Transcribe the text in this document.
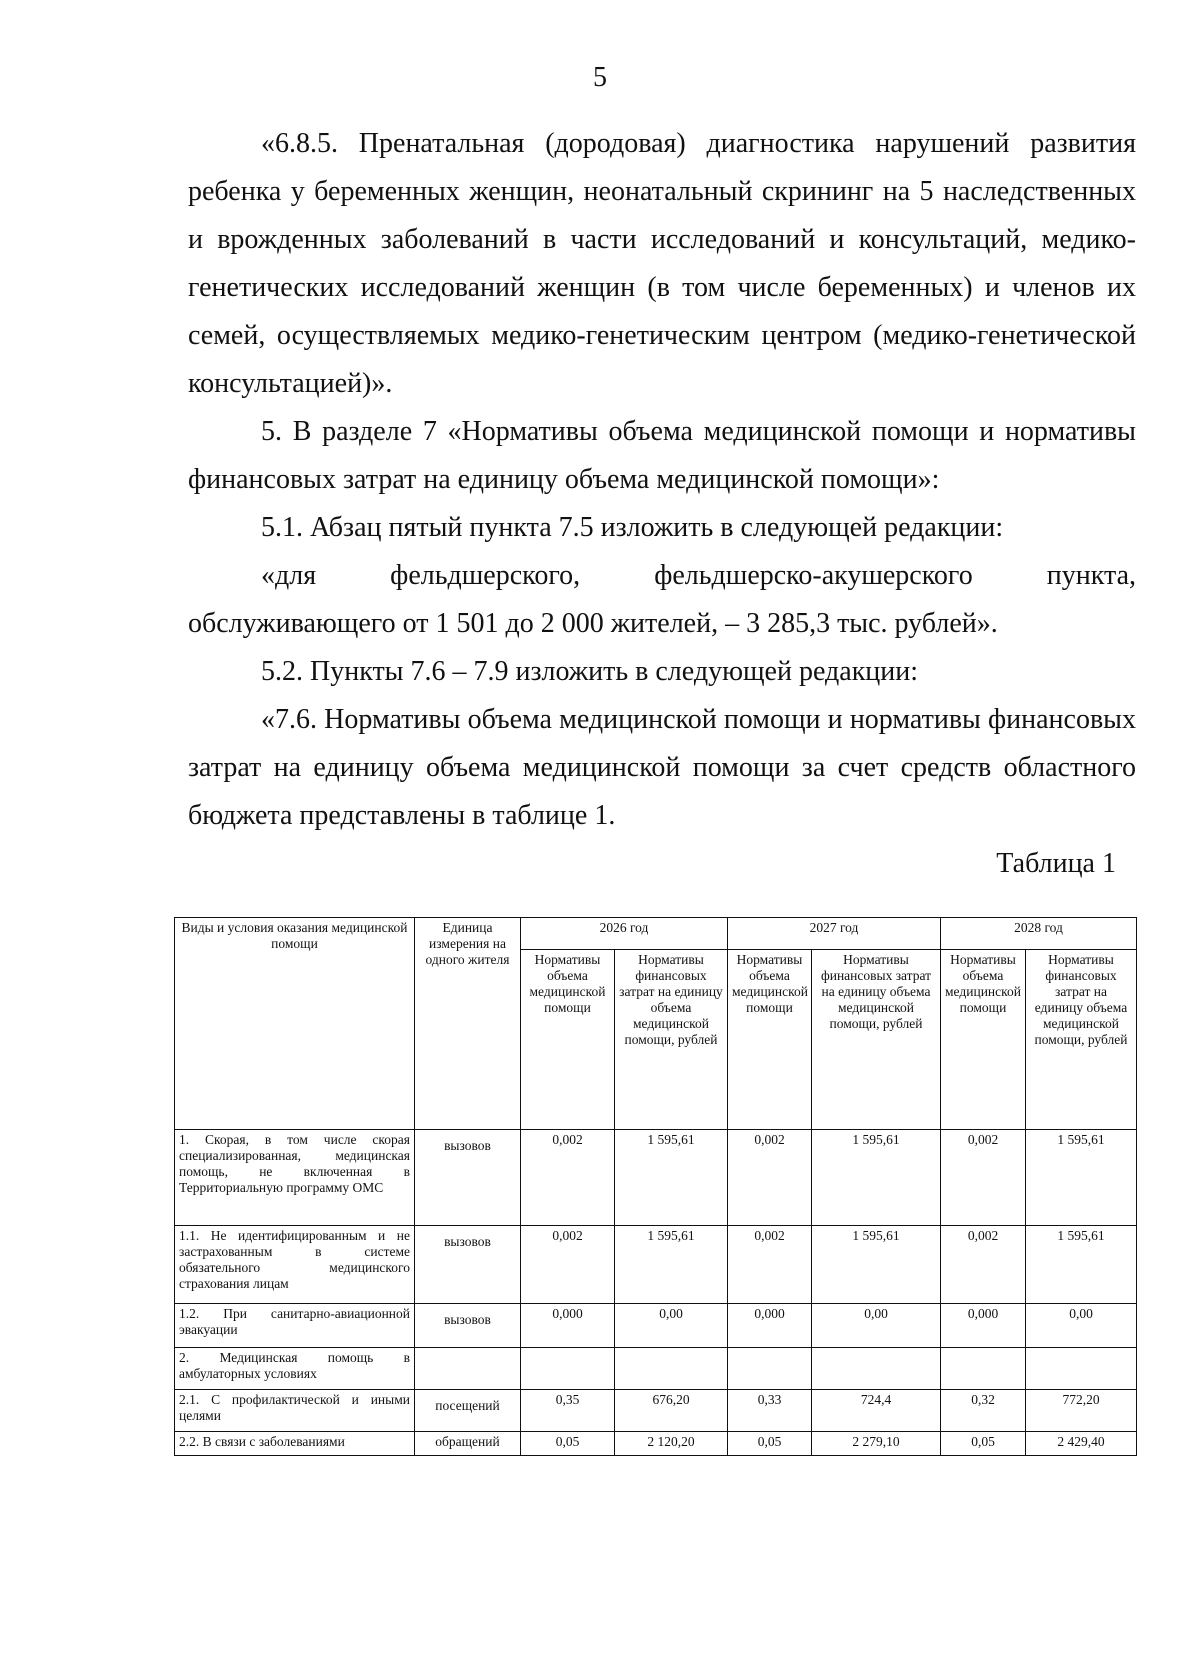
5

«6.8.5. Пренатальная (дородовая) диагностика нарушений развития ребенка у беременных женщин, неонатальный скрининг на 5 наследственных и врожденных заболеваний в части исследований и консультаций, медико-генетических исследований женщин (в том числе беременных) и членов их семей, осуществляемых медико-генетическим центром (медико-генетической консультацией)».

5. В разделе 7 «Нормативы объема медицинской помощи и нормативы финансовых затрат на единицу объема медицинской помощи»:

5.1. Абзац пятый пункта 7.5 изложить в следующей редакции:

«для фельдшерского, фельдшерско-акушерского пункта, обслуживающего от 1 501 до 2 000 жителей, – 3 285,3 тыс. рублей».

5.2. Пункты 7.6 – 7.9 изложить в следующей редакции:

«7.6. Нормативы объема медицинской помощи и нормативы финансовых затрат на единицу объема медицинской помощи за счет средств областного бюджета представлены в таблице 1.

Таблица 1
Виды и условия оказания медицинской помощи	Единица измерения на одного жителя	2026 год		2027 год		2028 год	
		Нормативы объема медицинской помощи	Нормативы финансовых затрат на единицу объема медицинской помощи, рублей	Нормативы объема медицинской помощи	Нормативы финансовых затрат на единицу объема медицинской помощи, рублей	Нормативы объема медицинской помощи	Нормативы финансовых затрат на единицу объема медицинской помощи, рублей
1. Скорая, в том числе скорая специализированная, медицинская помощь, не включенная в Территориальную программу ОМС	вызовов	0,002	1 595,61	0,002	1 595,61	0,002	1 595,61
1.1. Не идентифицированным и не застрахованным в системе обязательного медицинского страхования лицам	вызовов	0,002	1 595,61	0,002	1 595,61	0,002	1 595,61
1.2. При санитарно-авиационной эвакуации	вызовов	0,000	0,00	0,000	0,00	0,000	0,00
2. Медицинская помощь в амбулаторных условиях							
2.1. С профилактической и иными целями	посещений	0,35	676,20	0,33	724,4	0,32	772,20
2.2. В связи с заболеваниями	обращений	0,05	2 120,20	0,05	2 279,10	0,05	2 429,40
